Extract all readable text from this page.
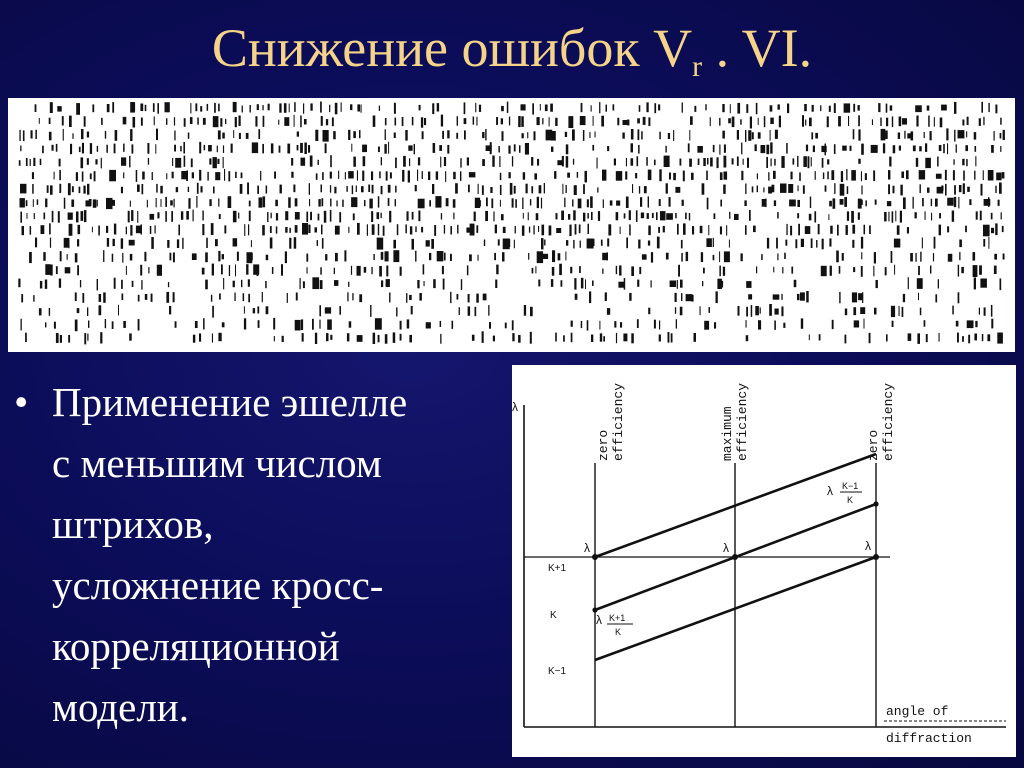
Снижение ошибок $V_r$ . VI.
• Применение эшелле
с меньшим числом
штрихов,
усложнение кросс-
корреляционной
модели.
λ
zero efficiency	maximum efficiency	zero efficiency
λ	λ	λ
K+1
K
K−1
λ K−1
K
λ K+1
K
angle of
diffraction
